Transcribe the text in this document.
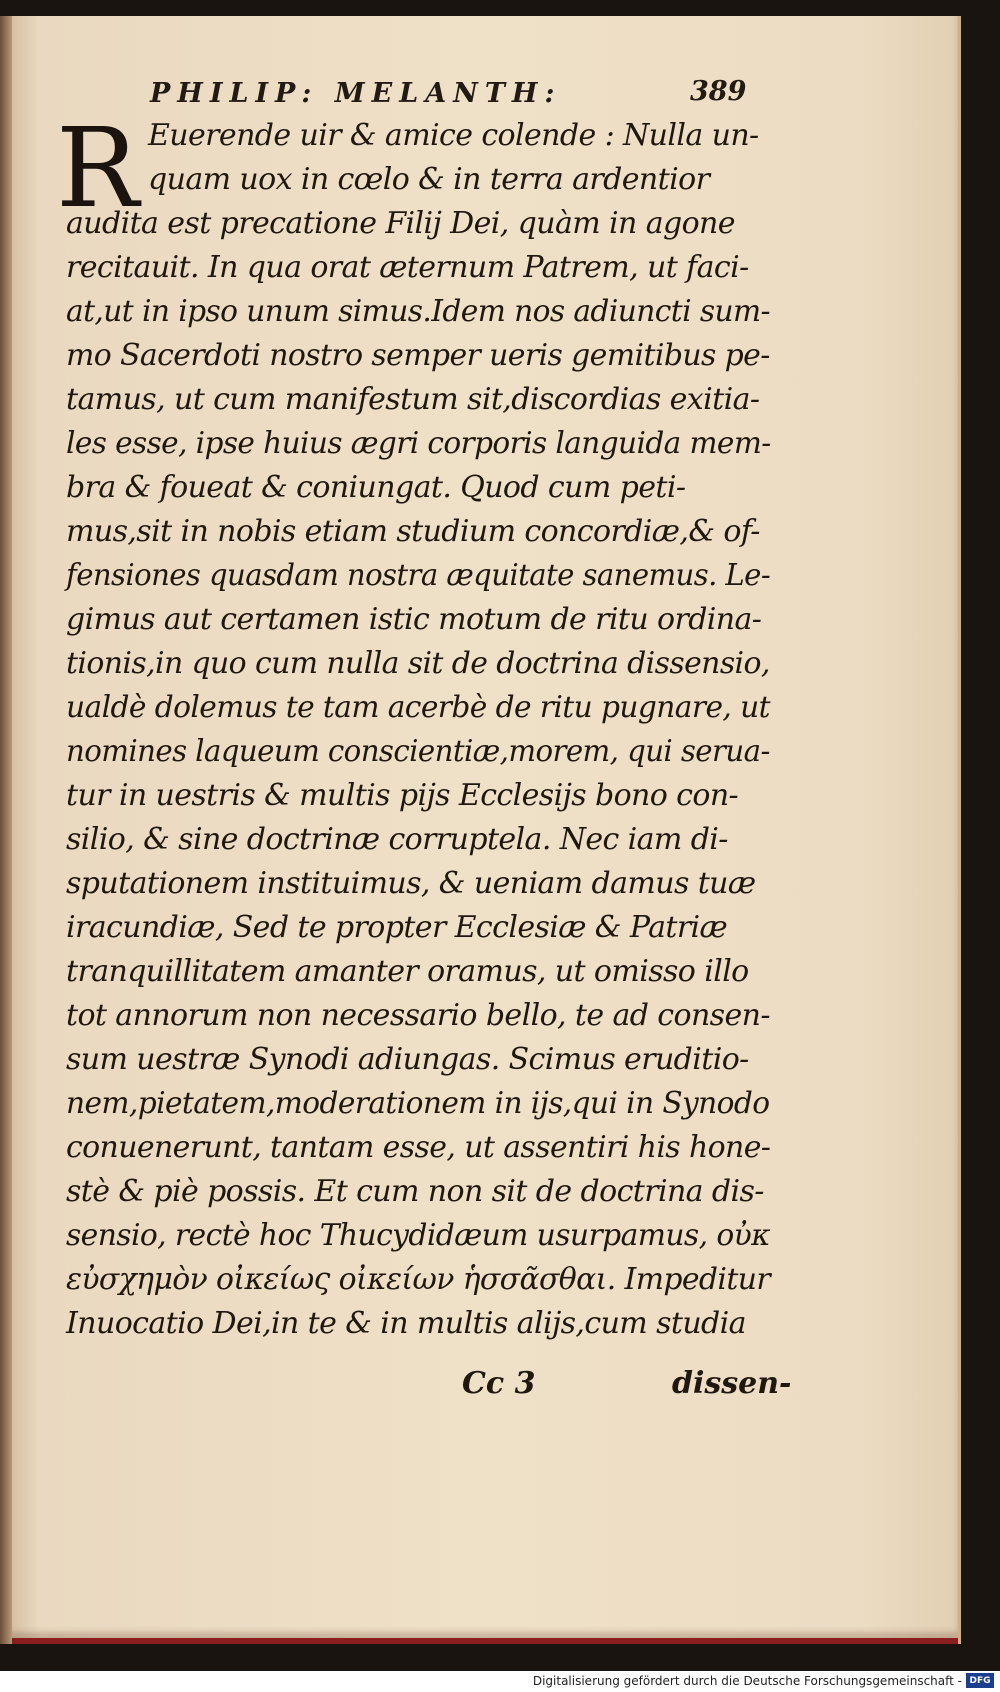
PHILIP: MELANTH:	389
R Euerende uir & amice colende : Nulla un-
quam uox in cœlo & in terra ardentior
audita est precatione Filij Dei, quàm in agone
recitauit. In qua orat æternum Patrem, ut faci-
at,ut in ipso unum simus.Idem nos adiuncti sum-
mo Sacerdoti nostro semper ueris gemitibus pe-
tamus, ut cum manifestum sit,discordias exitia-
les esse, ipse huius ægri corporis languida mem-
bra & foueat & coniungat. Quod cum peti-
mus,sit in nobis etiam studium concordiæ,& of-
fensiones quasdam nostra æquitate sanemus. Le-
gimus aut certamen istic motum de ritu ordina-
tionis,in quo cum nulla sit de doctrina dissensio,
ualdè dolemus te tam acerbè de ritu pugnare, ut
nomines laqueum conscientiæ,morem, qui serua-
tur in uestris & multis pijs Ecclesijs bono con-
silio, & sine doctrinæ corruptela. Nec iam di-
sputationem instituimus, & ueniam damus tuæ
iracundiæ, Sed te propter Ecclesiæ & Patriæ
tranquillitatem amanter oramus, ut omisso illo
tot annorum non necessario bello, te ad consen-
sum uestræ Synodi adiungas. Scimus eruditio-
nem,pietatem,moderationem in ijs,qui in Synodo
conuenerunt, tantam esse, ut assentiri his hone-
stè & piè possis. Et cum non sit de doctrina dis-
sensio, rectè hoc Thucydidæum usurpamus, οὐκ
εὐσχημὸν οἰκείως οἰκείων ἡσσᾶσθαι. Impeditur
Inuocatio Dei,in te & in multis alijs,cum studia
Cc 3	dissen-
Digitalisierung gefördert durch die Deutsche Forschungsgemeinschaft - DFG
